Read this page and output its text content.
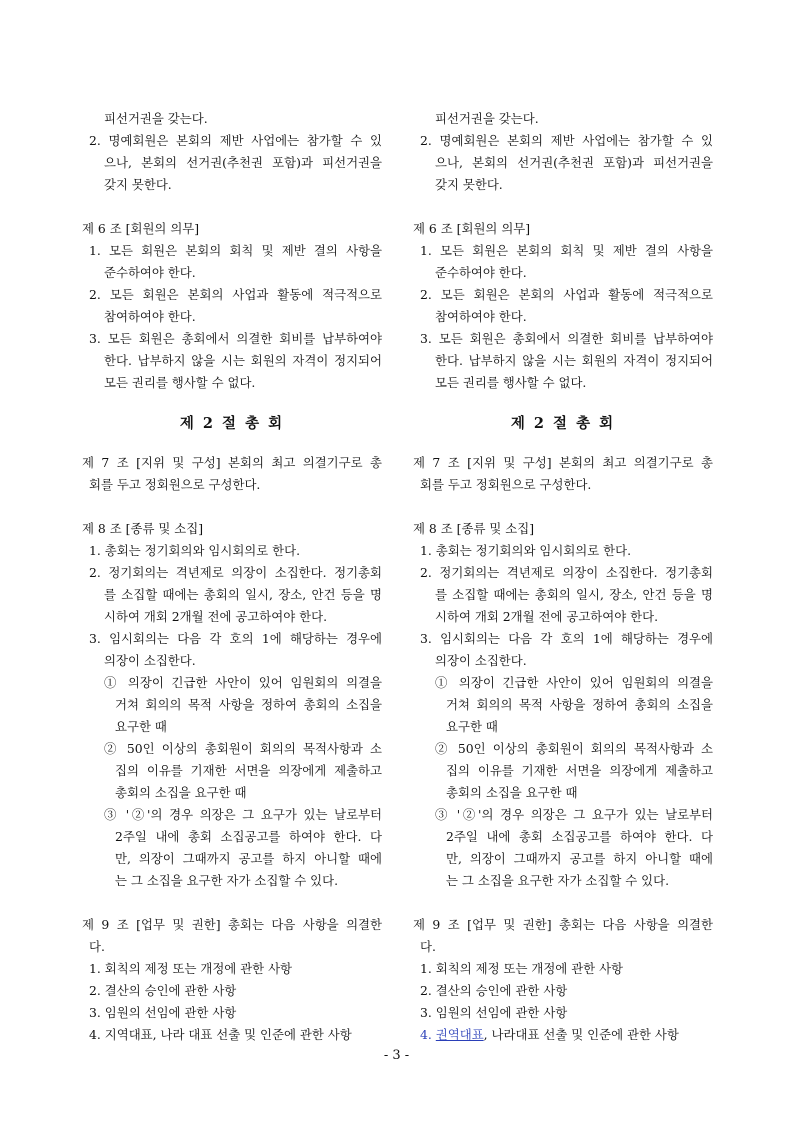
피선거권을 갖는다.
2. 명예회원은 본회의 제반 사업에는 참가할 수 있
으나, 본회의 선거권(추천권 포함)과 피선거권을
갖지 못한다.
제 6 조 [회원의 의무]
1. 모든 회원은 본회의 회칙 및 제반 결의 사항을
준수하여야 한다.
2. 모든 회원은 본회의 사업과 활동에 적극적으로
참여하여야 한다.
3. 모든 회원은 총회에서 의결한 회비를 납부하여야
한다. 납부하지 않을 시는 회원의 자격이 정지되어
모든 권리를 행사할 수 없다.
제 2 절 총 회
제 7 조 [지위 및 구성] 본회의 최고 의결기구로 총
회를 두고 정회원으로 구성한다.
제 8 조 [종류 및 소집]
1. 총회는 정기회의와 임시회의로 한다.
2. 정기회의는 격년제로 의장이 소집한다. 정기총회
를 소집할 때에는 총회의 일시, 장소, 안건 등을 명
시하여 개회 2개월 전에 공고하여야 한다.
3. 임시회의는 다음 각 호의 1에 해당하는 경우에
의장이 소집한다.
① 의장이 긴급한 사안이 있어 임원회의 의결을
거쳐 회의의 목적 사항을 정하여 총회의 소집을
요구한 때
② 50인 이상의 총회원이 회의의 목적사항과 소
집의 이유를 기재한 서면을 의장에게 제출하고
총회의 소집을 요구한 때
③ '②'의 경우 의장은 그 요구가 있는 날로부터
2주일 내에 총회 소집공고를 하여야 한다. 다
만, 의장이 그때까지 공고를 하지 아니할 때에
는 그 소집을 요구한 자가 소집할 수 있다.
제 9 조 [업무 및 권한] 총회는 다음 사항을 의결한
다.
1. 회칙의 제정 또는 개정에 관한 사항
2. 결산의 승인에 관한 사항
3. 임원의 선임에 관한 사항
4. 지역대표, 나라 대표 선출 및 인준에 관한 사항
피선거권을 갖는다.
2. 명예회원은 본회의 제반 사업에는 참가할 수 있
으나, 본회의 선거권(추천권 포함)과 피선거권을
갖지 못한다.
제 6 조 [회원의 의무]
1. 모든 회원은 본회의 회칙 및 제반 결의 사항을
준수하여야 한다.
2. 모든 회원은 본회의 사업과 활동에 적극적으로
참여하여야 한다.
3. 모든 회원은 총회에서 의결한 회비를 납부하여야
한다. 납부하지 않을 시는 회원의 자격이 정지되어
모든 권리를 행사할 수 없다.
제 2 절 총 회
제 7 조 [지위 및 구성] 본회의 최고 의결기구로 총
회를 두고 정회원으로 구성한다.
제 8 조 [종류 및 소집]
1. 총회는 정기회의와 임시회의로 한다.
2. 정기회의는 격년제로 의장이 소집한다. 정기총회
를 소집할 때에는 총회의 일시, 장소, 안건 등을 명
시하여 개회 2개월 전에 공고하여야 한다.
3. 임시회의는 다음 각 호의 1에 해당하는 경우에
의장이 소집한다.
① 의장이 긴급한 사안이 있어 임원회의 의결을
거쳐 회의의 목적 사항을 정하여 총회의 소집을
요구한 때
② 50인 이상의 총회원이 회의의 목적사항과 소
집의 이유를 기재한 서면을 의장에게 제출하고
총회의 소집을 요구한 때
③ '②'의 경우 의장은 그 요구가 있는 날로부터
2주일 내에 총회 소집공고를 하여야 한다. 다
만, 의장이 그때까지 공고를 하지 아니할 때에
는 그 소집을 요구한 자가 소집할 수 있다.
제 9 조 [업무 및 권한] 총회는 다음 사항을 의결한
다.
1. 회칙의 제정 또는 개정에 관한 사항
2. 결산의 승인에 관한 사항
3. 임원의 선임에 관한 사항
4. 권역대표, 나라대표 선출 및 인준에 관한 사항
- 3 -
